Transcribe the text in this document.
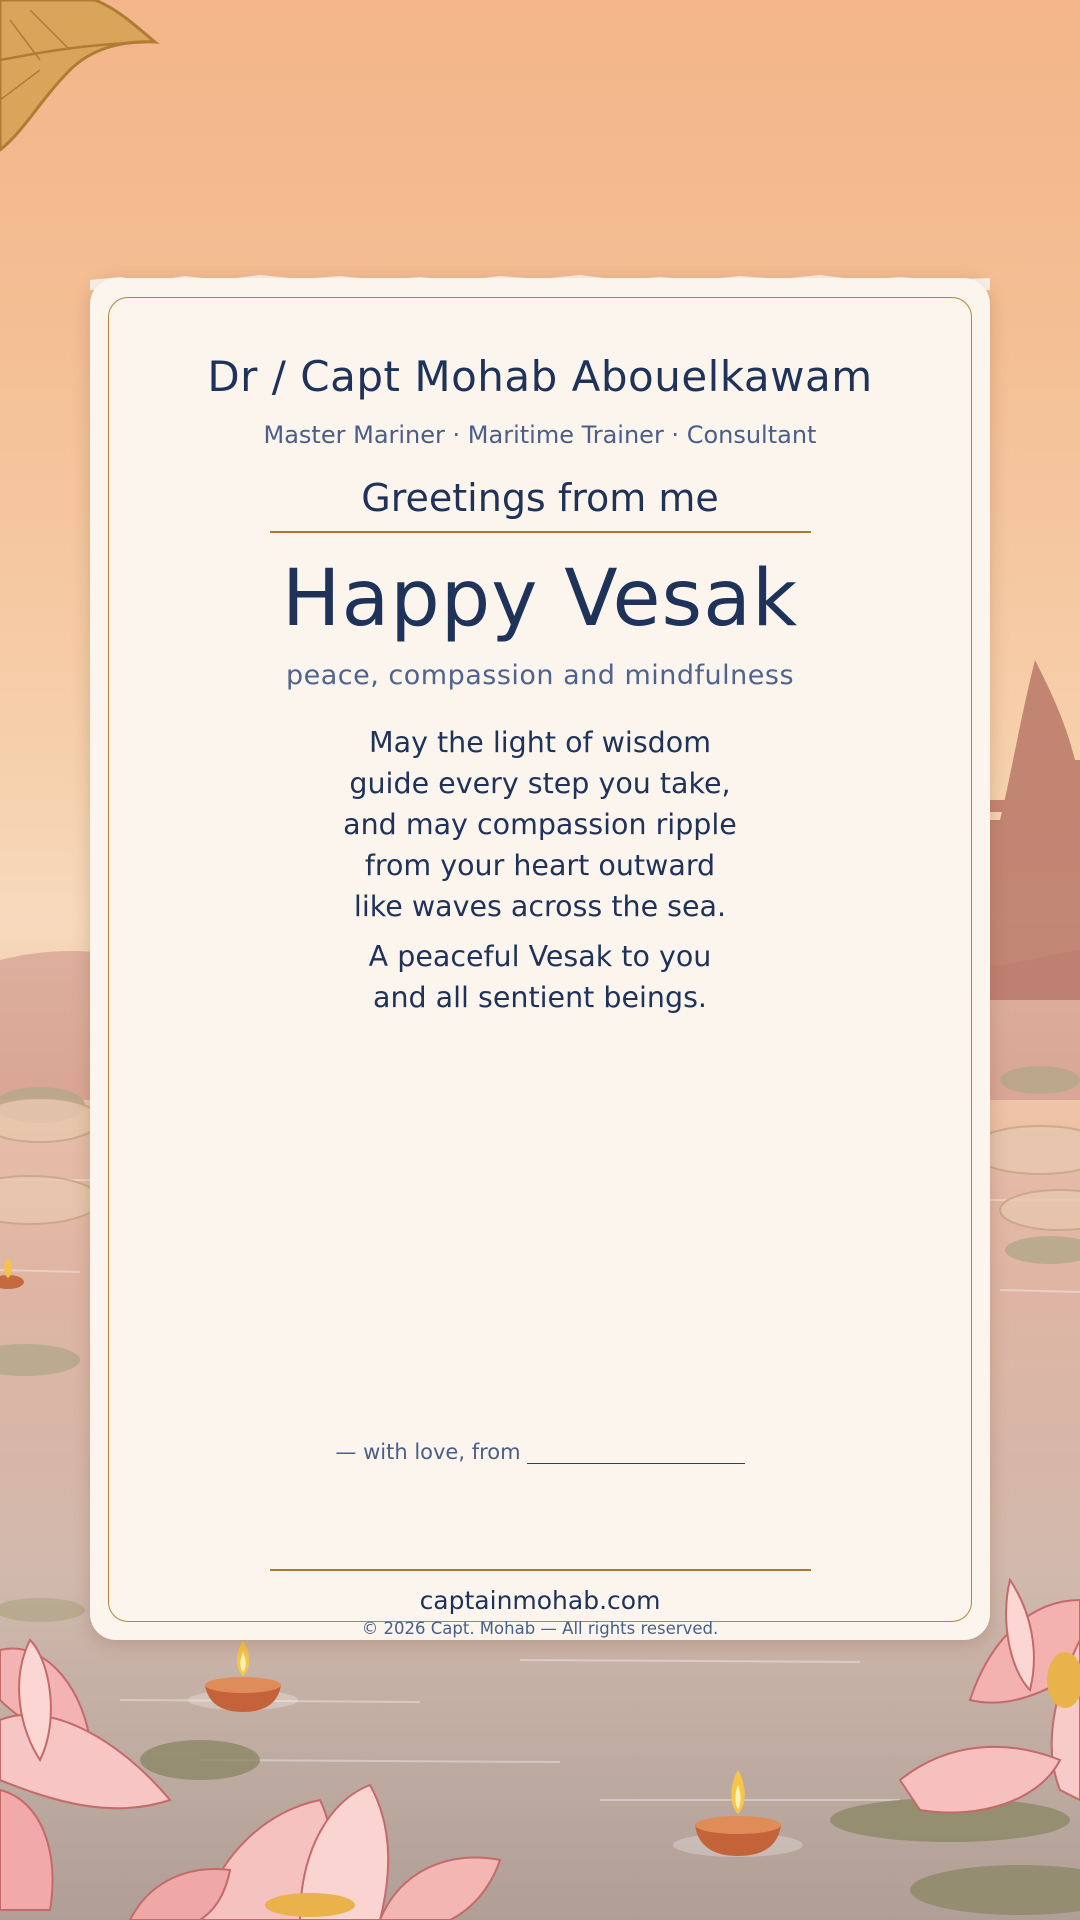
Dr / Capt Mohab Abouelkawam
Master Mariner · Maritime Trainer · Consultant
Greetings from me
Happy Vesak
peace, compassion and mindfulness
May the light of wisdom
guide every step you take,
and may compassion ripple
from your heart outward
like waves across the sea.
A peaceful Vesak to you
and all sentient beings.
— with love, from
captainmohab.com
© 2026 Capt. Mohab — All rights reserved.
